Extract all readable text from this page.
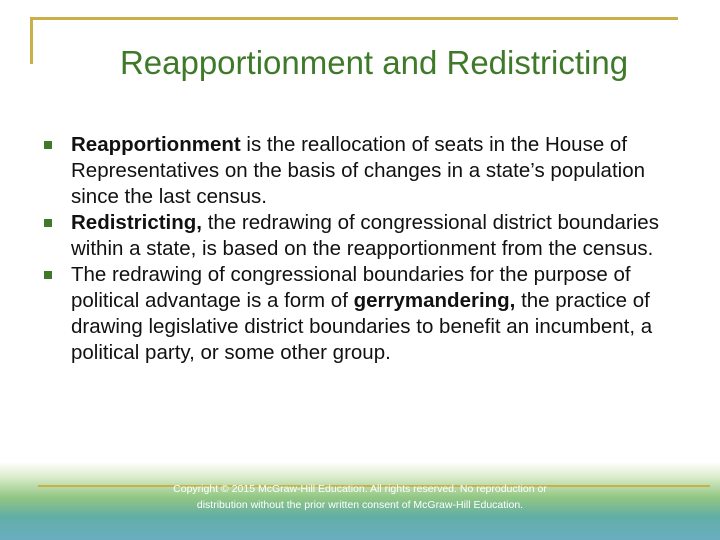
Reapportionment and Redistricting
Reapportionment is the reallocation of seats in the House of Representatives on the basis of changes in a state’s population since the last census.
Redistricting, the redrawing of congressional district boundaries within a state, is based on the reapportionment from the census.
The redrawing of congressional boundaries for the purpose of political advantage is a form of gerrymandering, the practice of drawing legislative district boundaries to benefit an incumbent, a political party, or some other group.
Copyright © 2015 McGraw-Hill Education. All rights reserved. No reproduction or distribution without the prior written consent of McGraw-Hill Education.
